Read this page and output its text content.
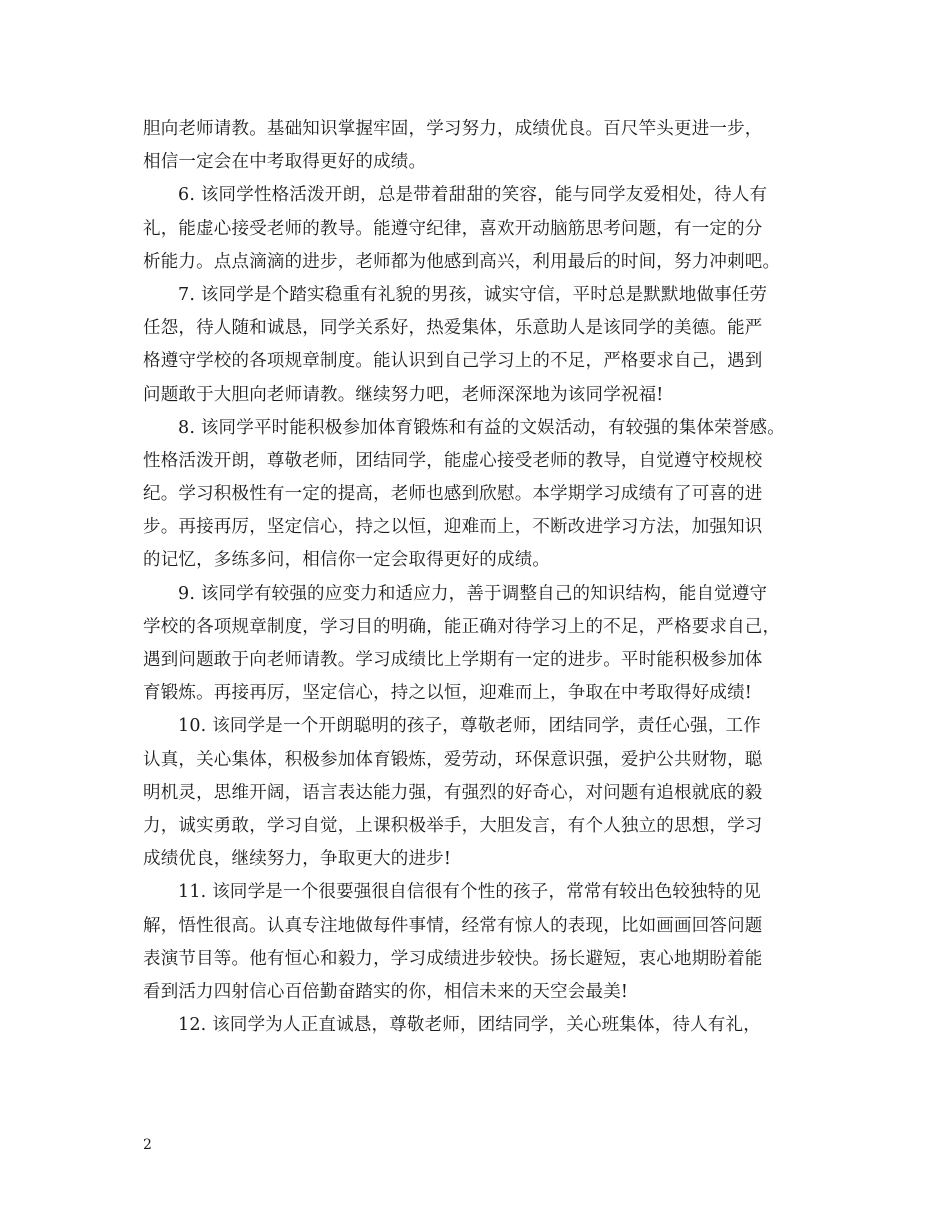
胆向老师请教。基础知识掌握牢固，学习努力，成绩优良。百尺竿头更进一步，
相信一定会在中考取得更好的成绩。
6. 该同学性格活泼开朗，总是带着甜甜的笑容，能与同学友爱相处，待人有
礼，能虚心接受老师的教导。能遵守纪律，喜欢开动脑筋思考问题，有一定的分
析能力。点点滴滴的进步，老师都为他感到高兴，利用最后的时间，努力冲刺吧。
7. 该同学是个踏实稳重有礼貌的男孩，诚实守信，平时总是默默地做事任劳
任怨，待人随和诚恳，同学关系好，热爱集体，乐意助人是该同学的美德。能严
格遵守学校的各项规章制度。能认识到自己学习上的不足，严格要求自己，遇到
问题敢于大胆向老师请教。继续努力吧，老师深深地为该同学祝福!
8. 该同学平时能积极参加体育锻炼和有益的文娱活动，有较强的集体荣誉感。
性格活泼开朗，尊敬老师，团结同学，能虚心接受老师的教导，自觉遵守校规校
纪。学习积极性有一定的提高，老师也感到欣慰。本学期学习成绩有了可喜的进
步。再接再厉，坚定信心，持之以恒，迎难而上，不断改进学习方法，加强知识
的记忆，多练多问，相信你一定会取得更好的成绩。
9. 该同学有较强的应变力和适应力，善于调整自己的知识结构，能自觉遵守
学校的各项规章制度，学习目的明确，能正确对待学习上的不足，严格要求自己，
遇到问题敢于向老师请教。学习成绩比上学期有一定的进步。平时能积极参加体
育锻炼。再接再厉，坚定信心，持之以恒，迎难而上，争取在中考取得好成绩!
10. 该同学是一个开朗聪明的孩子，尊敬老师，团结同学，责任心强，工作
认真，关心集体，积极参加体育锻炼，爱劳动，环保意识强，爱护公共财物，聪
明机灵，思维开阔，语言表达能力强，有强烈的好奇心，对问题有追根就底的毅
力，诚实勇敢，学习自觉，上课积极举手，大胆发言，有个人独立的思想，学习
成绩优良，继续努力，争取更大的进步!
11. 该同学是一个很要强很自信很有个性的孩子，常常有较出色较独特的见
解，悟性很高。认真专注地做每件事情，经常有惊人的表现，比如画画回答问题
表演节目等。他有恒心和毅力，学习成绩进步较快。扬长避短，衷心地期盼着能
看到活力四射信心百倍勤奋踏实的你，相信未来的天空会最美!
12. 该同学为人正直诚恳，尊敬老师，团结同学，关心班集体，待人有礼，
2
